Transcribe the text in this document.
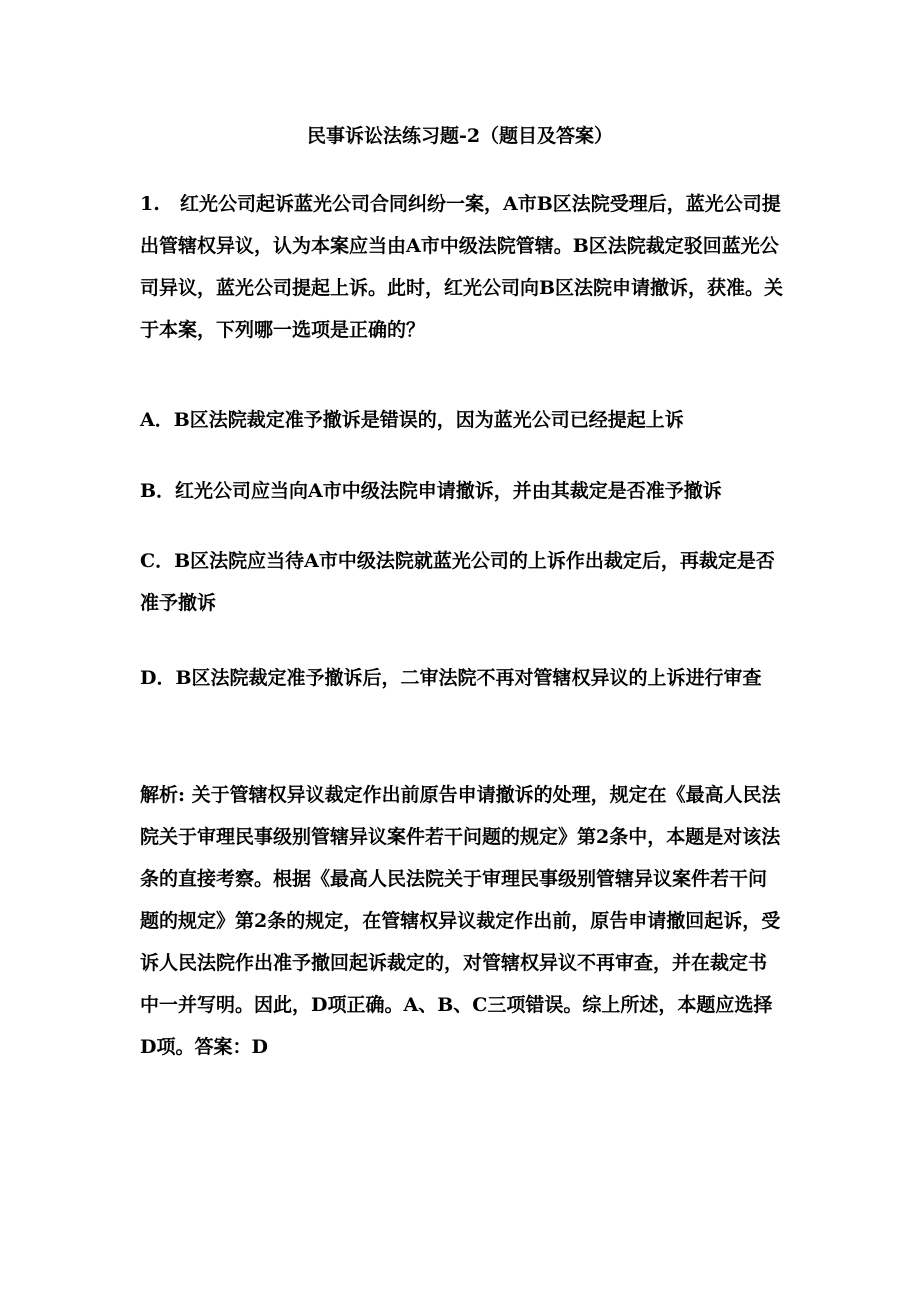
民事诉讼法练习题-2（题目及答案）

1. 红光公司起诉蓝光公司合同纠纷一案，A市B区法院受理后，蓝光公司提出管辖权异议，认为本案应当由A市中级法院管辖。B区法院裁定驳回蓝光公司异议，蓝光公司提起上诉。此时，红光公司向B区法院申请撤诉，获准。关于本案，下列哪一选项是正确的？

A．B区法院裁定准予撤诉是错误的，因为蓝光公司已经提起上诉

B．红光公司应当向A市中级法院申请撤诉，并由其裁定是否准予撤诉

C．B区法院应当待A市中级法院就蓝光公司的上诉作出裁定后，再裁定是否准予撤诉

D．B区法院裁定准予撤诉后，二审法院不再对管辖权异议的上诉进行审查

解析: 关于管辖权异议裁定作出前原告申请撤诉的处理，规定在《最高人民法院关于审理民事级别管辖异议案件若干问题的规定》第2条中，本题是对该法条的直接考察。根据《最高人民法院关于审理民事级别管辖异议案件若干问题的规定》第2条的规定，在管辖权异议裁定作出前，原告申请撤回起诉，受诉人民法院作出准予撤回起诉裁定的，对管辖权异议不再审查，并在裁定书中一并写明。因此，D项正确。A、B、C三项错误。综上所述，本题应选择D项。答案：D
